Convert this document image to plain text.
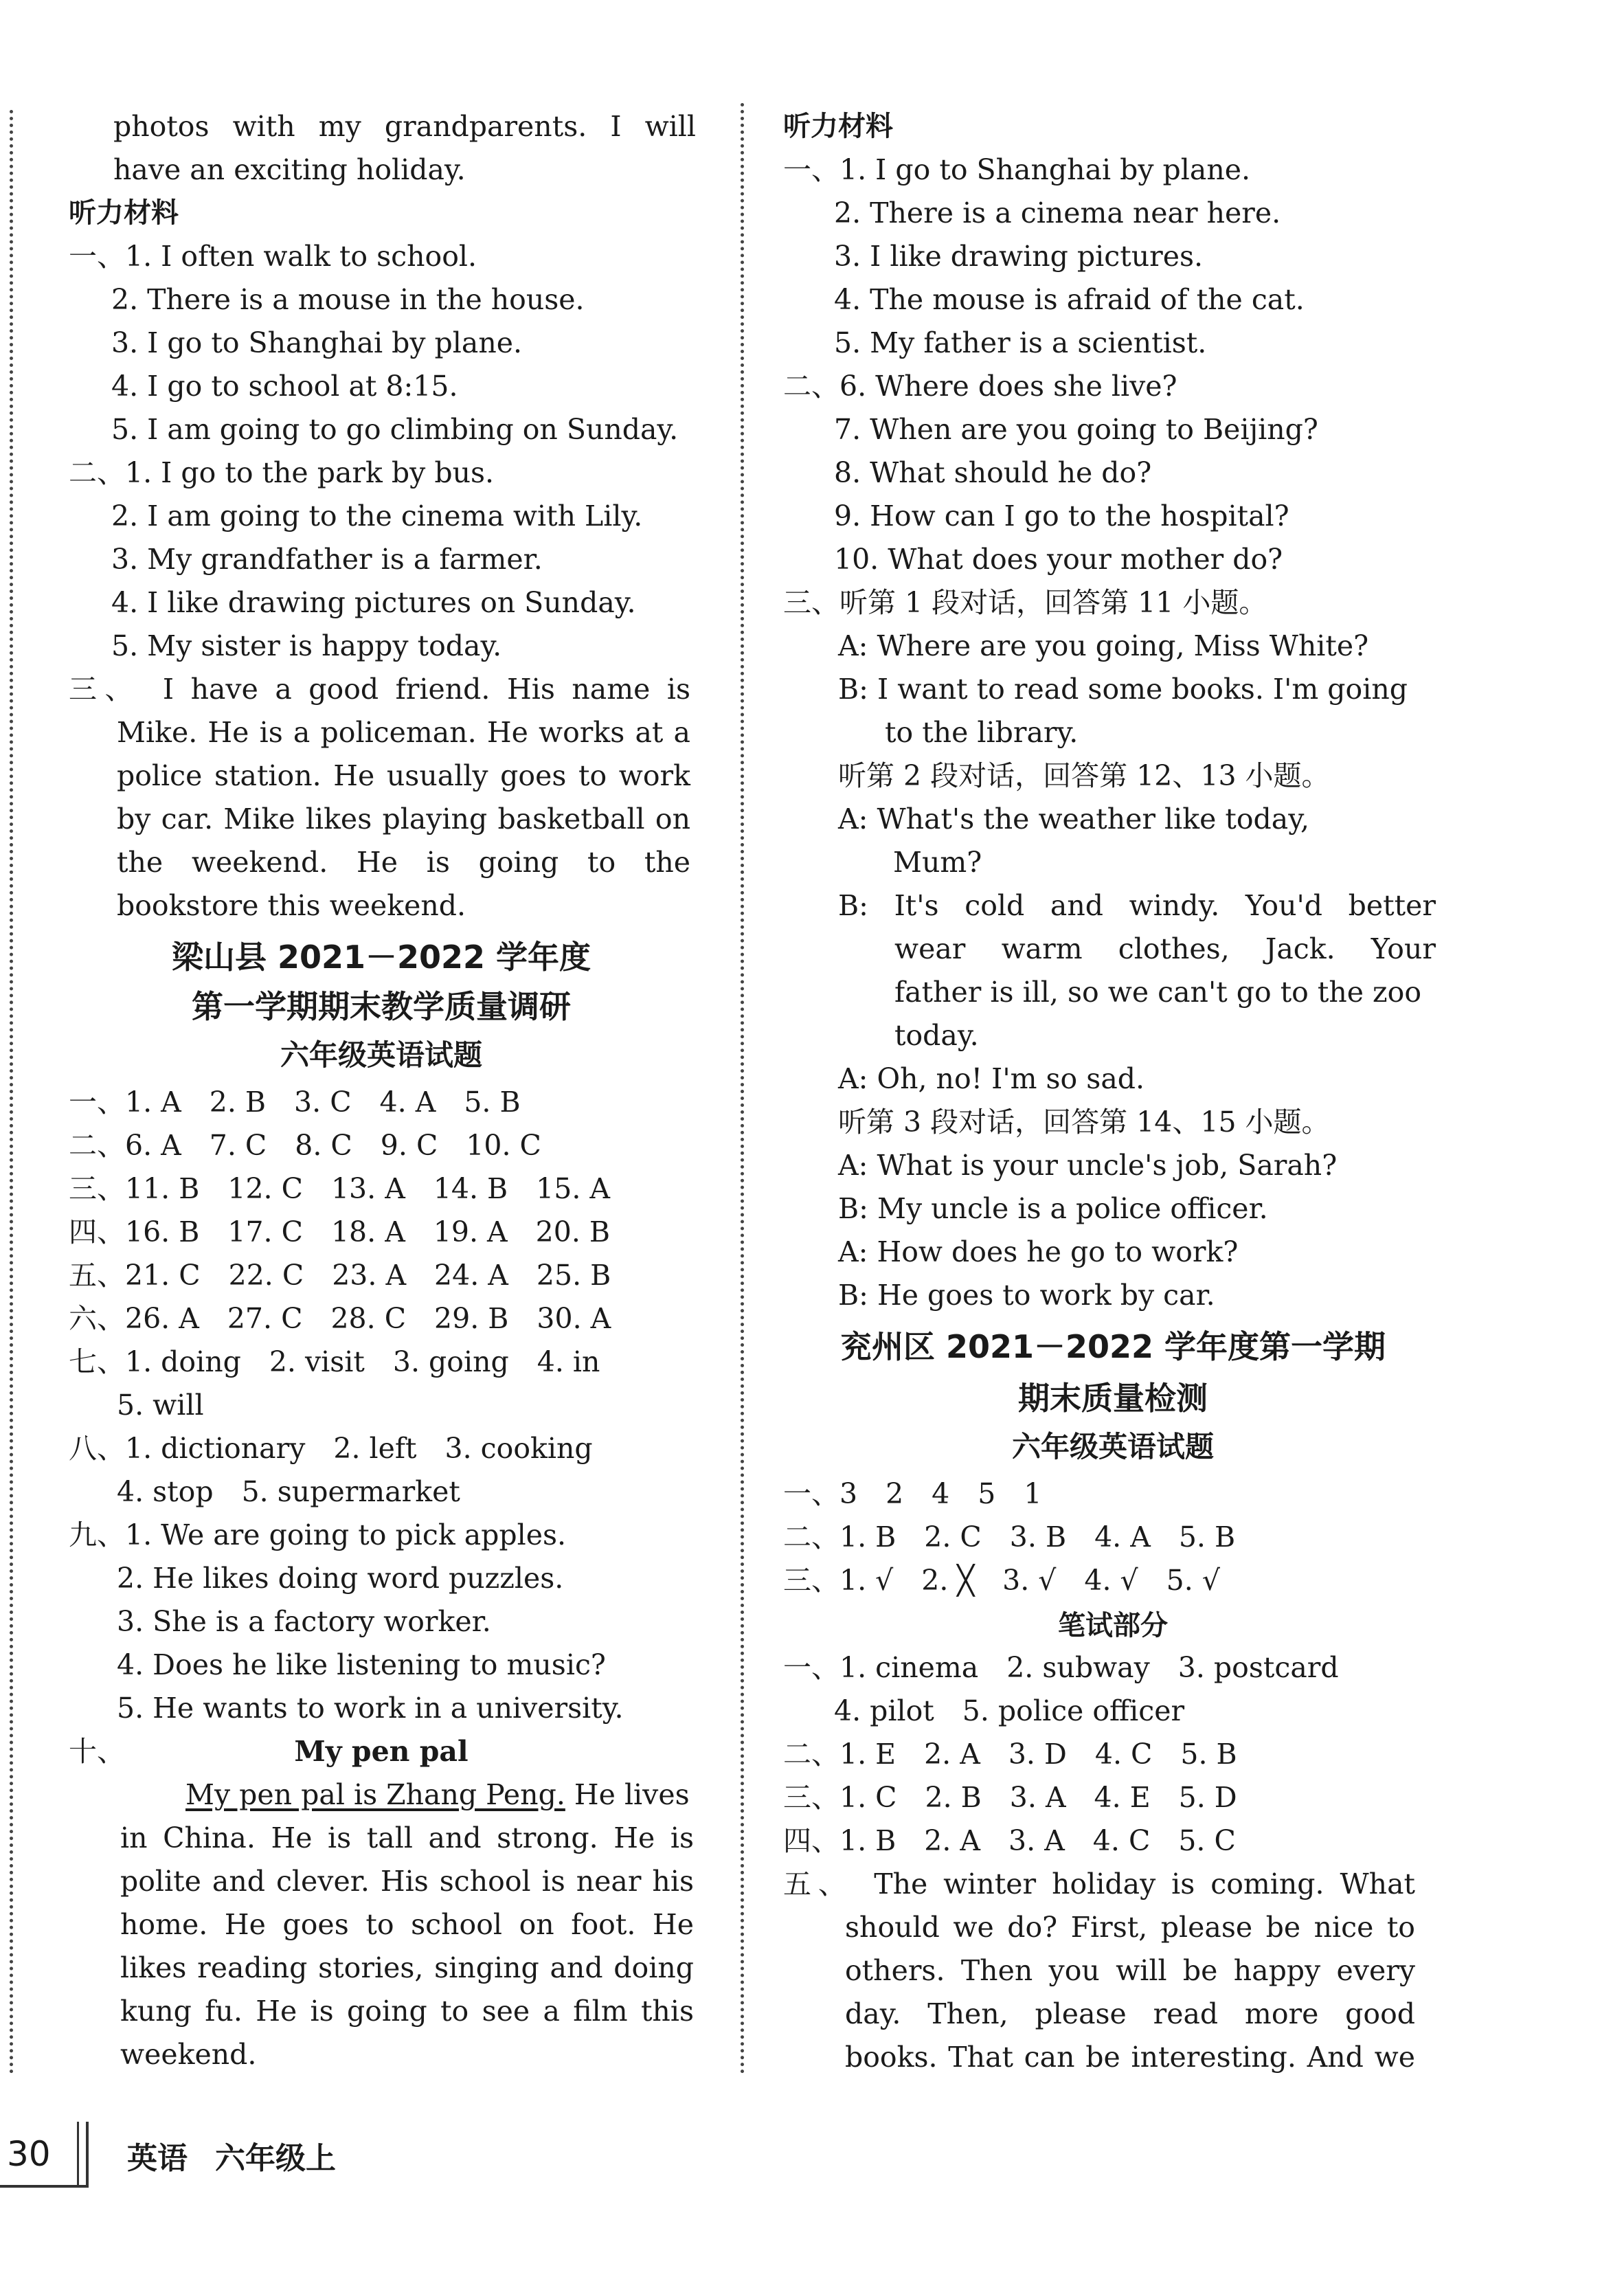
photos with my grandparents. I will
have an exciting holiday.
听力材料
一、1. I often walk to school.
2. There is a mouse in the house.
3. I go to Shanghai by plane.
4. I go to school at 8:15.
5. I am going to go climbing on Sunday.
二、1. I go to the park by bus.
2. I am going to the cinema with Lily.
3. My grandfather is a farmer.
4. I like drawing pictures on Sunday.
5. My sister is happy today.
三、　I have a good friend. His name is
Mike. He is a policeman. He works at a
police station. He usually goes to work
by car. Mike likes playing basketball on
the weekend. He is going to the
bookstore this weekend.
梁山县 2021－2022 学年度
第一学期期末教学质量调研
六年级英语试题
一、1. A　2. B　3. C　4. A　5. B
二、6. A　7. C　8. C　9. C　10. C
三、11. B　12. C　13. A　14. B　15. A
四、16. B　17. C　18. A　19. A　20. B
五、21. C　22. C　23. A　24. A　25. B
六、26. A　27. C　28. C　29. B　30. A
七、1. doing　2. visit　3. going　4. in
5. will
八、1. dictionary　2. left　3. cooking
4. stop　5. supermarket
九、1. We are going to pick apples.
2. He likes doing word puzzles.
3. She is a factory worker.
4. Does he like listening to music?
5. He wants to work in a university.
十、	My pen pal
My pen pal is Zhang Peng. He lives
in China. He is tall and strong. He is
polite and clever. His school is near his
home. He goes to school on foot. He
likes reading stories, singing and doing
kung fu. He is going to see a film this
weekend.
听力材料
一、1. I go to Shanghai by plane.
2. There is a cinema near here.
3. I like drawing pictures.
4. The mouse is afraid of the cat.
5. My father is a scientist.
二、6. Where does she live?
7. When are you going to Beijing?
8. What should he do?
9. How can I go to the hospital?
10. What does your mother do?
三、听第 1 段对话，回答第 11 小题。
A: Where are you going, Miss White?
B: I want to read some books. I'm going
to the library.
听第 2 段对话，回答第 12、13 小题。
A: What's the weather like today,
Mum?
B: It's cold and windy. You'd better
wear warm clothes, Jack. Your
father is ill, so we can't go to the zoo
today.
A: Oh, no! I'm so sad.
听第 3 段对话，回答第 14、15 小题。
A: What is your uncle's job, Sarah?
B: My uncle is a police officer.
A: How does he go to work?
B: He goes to work by car.
兖州区 2021－2022 学年度第一学期
期末质量检测
六年级英语试题
一、3　2　4　5　1
二、1. B　2. C　3. B　4. A　5. B
三、1. √　2. ╳　3. √　4. √　5. √
笔试部分
一、1. cinema　2. subway　3. postcard
4. pilot　5. police officer
二、1. E　2. A　3. D　4. C　5. B
三、1. C　2. B　3. A　4. E　5. D
四、1. B　2. A　3. A　4. C　5. C
五、　The winter holiday is coming. What
should we do? First, please be nice to
others. Then you will be happy every
day. Then, please read more good
books. That can be interesting. And we
30	英语 六年级上
